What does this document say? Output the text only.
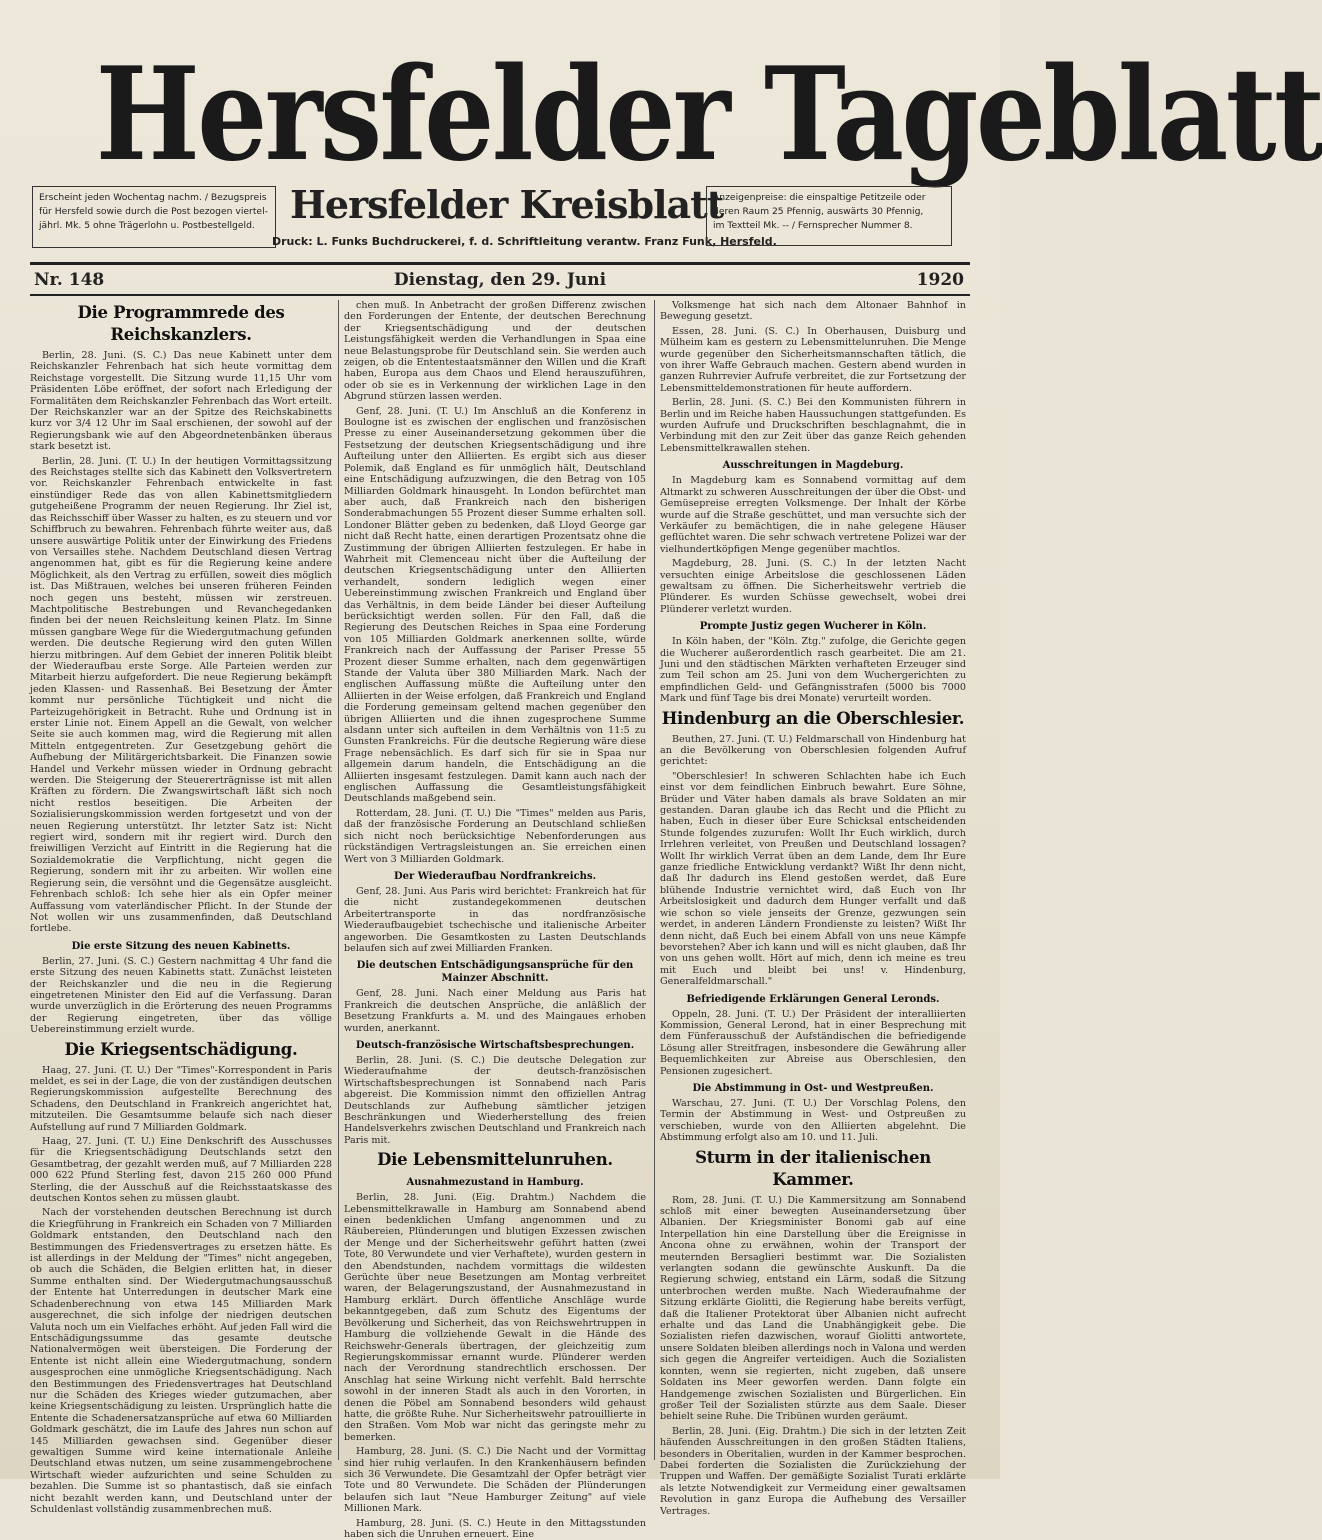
Hersfelder Tageblatt

Erscheint jeden Wochentag nachm. / Bezugspreis

für Hersfeld sowie durch die Post bezogen viertel-

jährl. Mk. 5 ohne Trägerlohn u. Postbestellgeld. Hersfelder Kreisblatt
Druck: L. Funks Buchdruckerei, f. d. Schriftleitung verantw. Franz Funk, Hersfeld.

Anzeigenpreise: die einspaltige Petitzeile oder

deren Raum 25 Pfennig, auswärts 30 Pfennig,

im Textteil Mk. -- / Fernsprecher Nummer 8.

Nr. 148	Dienstag, den 29. Juni	1920
Die Programmrede des Reichskanzlers.

Berlin, 28. Juni. (S. C.) Das neue Kabinett unter dem Reichskanzler Fehrenbach hat sich heute vormittag dem Reichstage vorgestellt. Die Sitzung wurde 11,15 Uhr vom Präsidenten Löbe eröffnet, der sofort nach Erledigung der Formalitäten dem Reichskanzler Fehrenbach das Wort erteilt. Der Reichskanzler war an der Spitze des Reichskabinetts kurz vor 3/4 12 Uhr im Saal erschienen, der sowohl auf der Regierungsbank wie auf den Abgeordnetenbänken überaus stark besetzt ist.

Berlin, 28. Juni. (T. U.) In der heutigen Vormittagssitzung des Reichstages stellte sich das Kabinett den Volksvertretern vor. Reichskanzler Fehrenbach entwickelte in fast einstündiger Rede das von allen Kabinettsmitgliedern gutgeheißene Programm der neuen Regierung. Ihr Ziel ist, das Reichsschiff über Wasser zu halten, es zu steuern und vor Schiffbruch zu bewahren. Fehrenbach führte weiter aus, daß unsere auswärtige Politik unter der Einwirkung des Friedens von Versailles stehe. Nachdem Deutschland diesen Vertrag angenommen hat, gibt es für die Regierung keine andere Möglichkeit, als den Vertrag zu erfüllen, soweit dies möglich ist. Das Mißtrauen, welches bei unseren früheren Feinden noch gegen uns besteht, müssen wir zerstreuen. Machtpolitische Bestrebungen und Revanchegedanken finden bei der neuen Reichsleitung keinen Platz. Im Sinne müssen gangbare Wege für die Wiedergutmachung gefunden werden. Die deutsche Regierung wird den guten Willen hierzu mitbringen. Auf dem Gebiet der inneren Politik bleibt der Wiederaufbau erste Sorge. Alle Parteien werden zur Mitarbeit hierzu aufgefordert. Die neue Regierung bekämpft jeden Klassen- und Rassenhaß. Bei Besetzung der Ämter kommt nur persönliche Tüchtigkeit und nicht die Parteizugehörigkeit in Betracht. Ruhe und Ordnung ist in erster Linie not. Einem Appell an die Gewalt, von welcher Seite sie auch kommen mag, wird die Regierung mit allen Mitteln entgegentreten. Zur Gesetzgebung gehört die Aufhebung der Militärgerichtsbarkeit. Die Finanzen sowie Handel und Verkehr müssen wieder in Ordnung gebracht werden. Die Steigerung der Steuererträgnisse ist mit allen Kräften zu fördern. Die Zwangswirtschaft läßt sich noch nicht restlos beseitigen. Die Arbeiten der Sozialisierungskommission werden fortgesetzt und von der neuen Regierung unterstützt. Ihr letzter Satz ist: Nicht regiert wird, sondern mit ihr regiert wird. Durch den freiwilligen Verzicht auf Eintritt in die Regierung hat die Sozialdemokratie die Verpflichtung, nicht gegen die Regierung, sondern mit ihr zu arbeiten. Wir wollen eine Regierung sein, die versöhnt und die Gegensätze ausgleicht. Fehrenbach schloß: Ich sehe hier als ein Opfer meiner Auffassung vom vaterländischer Pflicht. In der Stunde der Not wollen wir uns zusammenfinden, daß Deutschland fortlebe.

Die erste Sitzung des neuen Kabinetts.

Berlin, 27. Juni. (S. C.) Gestern nachmittag 4 Uhr fand die erste Sitzung des neuen Kabinetts statt. Zunächst leisteten der Reichskanzler und die neu in die Regierung eingetretenen Minister den Eid auf die Verfassung. Daran wurde unverzüglich in die Erörterung des neuen Programms der Regierung eingetreten, über das völlige Uebereinstimmung erzielt wurde.

Die Kriegsentschädigung.

Haag, 27. Juni. (T. U.) Der "Times"-Korrespondent in Paris meldet, es sei in der Lage, die von der zuständigen deutschen Regierungskommission aufgestellte Berechnung des Schadens, den Deutschland in Frankreich angerichtet hat, mitzuteilen. Die Gesamtsumme belaufe sich nach dieser Aufstellung auf rund 7 Milliarden Goldmark.

Haag, 27. Juni. (T. U.) Eine Denkschrift des Ausschusses für die Kriegsentschädigung Deutschlands setzt den Gesamtbetrag, der gezahlt werden muß, auf 7 Milliarden 228 000 622 Pfund Sterling fest, davon 215 260 000 Pfund Sterling, die der Ausschuß auf die Reichsstaatskasse des deutschen Kontos sehen zu müssen glaubt.

Nach der vorstehenden deutschen Berechnung ist durch die Kriegführung in Frankreich ein Schaden von 7 Milliarden Goldmark entstanden, den Deutschland nach den Bestimmungen des Friedensvertrages zu ersetzen hätte. Es ist allerdings in der Meldung der "Times" nicht angegeben, ob auch die Schäden, die Belgien erlitten hat, in dieser Summe enthalten sind. Der Wiedergutmachungsausschuß der Entente hat Unterredungen in deutscher Mark eine Schadenberechnung von etwa 145 Milliarden Mark ausgerechnet, die sich infolge der niedrigen deutschen Valuta noch um ein Vielfaches erhöht. Auf jeden Fall wird die Entschädigungssumme das gesamte deutsche Nationalvermögen weit übersteigen. Die Forderung der Entente ist nicht allein eine Wiedergutmachung, sondern ausgesprochen eine unmögliche Kriegsentschädigung. Nach den Bestimmungen des Friedensvertrages hat Deutschland nur die Schäden des Krieges wieder gutzumachen, aber keine Kriegsentschädigung zu leisten. Ursprünglich hatte die Entente die Schadenersatzansprüche auf etwa 60 Milliarden Goldmark geschätzt, die im Laufe des Jahres nun schon auf 145 Milliarden gewachsen sind. Gegenüber dieser gewaltigen Summe wird keine internationale Anleihe Deutschland etwas nutzen, um seine zusammengebrochene Wirtschaft wieder aufzurichten und seine Schulden zu bezahlen. Die Summe ist so phantastisch, daß sie einfach nicht bezahlt werden kann, und Deutschland unter der Schuldenlast vollständig zusammenbrechen muß.

chen muß. In Anbetracht der großen Differenz zwischen den Forderungen der Entente, der deutschen Berechnung der Kriegsentschädigung und der deutschen Leistungsfähigkeit werden die Verhandlungen in Spaa eine neue Belastungsprobe für Deutschland sein. Sie werden auch zeigen, ob die Ententestaatsmänner den Willen und die Kraft haben, Europa aus dem Chaos und Elend herauszuführen, oder ob sie es in Verkennung der wirklichen Lage in den Abgrund stürzen lassen werden.

Genf, 28. Juni. (T. U.) Im Anschluß an die Konferenz in Boulogne ist es zwischen der englischen und französischen Presse zu einer Auseinandersetzung gekommen über die Festsetzung der deutschen Kriegsentschädigung und ihre Aufteilung unter den Alliierten. Es ergibt sich aus dieser Polemik, daß England es für unmöglich hält, Deutschland eine Entschädigung aufzuzwingen, die den Betrag von 105 Milliarden Goldmark hinausgeht. In London befürchtet man aber auch, daß Frankreich nach den bisherigen Sonderabmachungen 55 Prozent dieser Summe erhalten soll. Londoner Blätter geben zu bedenken, daß Lloyd George gar nicht daß Recht hatte, einen derartigen Prozentsatz ohne die Zustimmung der übrigen Alliierten festzulegen. Er habe in Wahrheit mit Clemenceau nicht über die Aufteilung der deutschen Kriegsentschädigung unter den Alliierten verhandelt, sondern lediglich wegen einer Uebereinstimmung zwischen Frankreich und England über das Verhältnis, in dem beide Länder bei dieser Aufteilung berücksichtigt werden sollen. Für den Fall, daß die Regierung des Deutschen Reiches in Spaa eine Forderung von 105 Milliarden Goldmark anerkennen sollte, würde Frankreich nach der Auffassung der Pariser Presse 55 Prozent dieser Summe erhalten, nach dem gegenwärtigen Stande der Valuta über 380 Milliarden Mark. Nach der englischen Auffassung müßte die Aufteilung unter den Alliierten in der Weise erfolgen, daß Frankreich und England die Forderung gemeinsam geltend machen gegenüber den übrigen Alliierten und die ihnen zugesprochene Summe alsdann unter sich aufteilen in dem Verhältnis von 11:5 zu Gunsten Frankreichs. Für die deutsche Regierung wäre diese Frage nebensächlich. Es darf sich für sie in Spaa nur allgemein darum handeln, die Entschädigung an die Alliierten insgesamt festzulegen. Damit kann auch nach der englischen Auffassung die Gesamtleistungsfähigkeit Deutschlands maßgebend sein.

Rotterdam, 28. Juni. (T. U.) Die "Times" melden aus Paris, daß der französische Forderung an Deutschland schließen sich nicht noch berücksichtige Nebenforderungen aus rückständigen Vertragsleistungen an. Sie erreichen einen Wert von 3 Milliarden Goldmark.

Der Wiederaufbau Nordfrankreichs.

Genf, 28. Juni. Aus Paris wird berichtet: Frankreich hat für die nicht zustandegekommenen deutschen Arbeitertransporte in das nordfranzösische Wiederaufbaugebiet tschechische und italienische Arbeiter angeworben. Die Gesamtkosten zu Lasten Deutschlands belaufen sich auf zwei Milliarden Franken.

Die deutschen Entschädigungsansprüche für den Mainzer Abschnitt.

Genf, 28. Juni. Nach einer Meldung aus Paris hat Frankreich die deutschen Ansprüche, die anläßlich der Besetzung Frankfurts a. M. und des Maingaues erhoben wurden, anerkannt.

Deutsch-französische Wirtschaftsbesprechungen.

Berlin, 28. Juni. (S. C.) Die deutsche Delegation zur Wiederaufnahme der deutsch-französischen Wirtschaftsbesprechungen ist Sonnabend nach Paris abgereist. Die Kommission nimmt den offiziellen Antrag Deutschlands zur Aufhebung sämtlicher jetzigen Beschränkungen und Wiederherstellung des freien Handelsverkehrs zwischen Deutschland und Frankreich nach Paris mit.

Die Lebensmittelunruhen.
Ausnahmezustand in Hamburg.

Berlin, 28. Juni. (Eig. Drahtm.) Nachdem die Lebensmittelkrawalle in Hamburg am Sonnabend abend einen bedenklichen Umfang angenommen und zu Räubereien, Plünderungen und blutigen Exzessen zwischen der Menge und der Sicherheitswehr geführt hatten (zwei Tote, 80 Verwundete und vier Verhaftete), wurden gestern in den Abendstunden, nachdem vormittags die wildesten Gerüchte über neue Besetzungen am Montag verbreitet waren, der Belagerungszustand, der Ausnahmezustand in Hamburg erklärt. Durch öffentliche Anschläge wurde bekanntgegeben, daß zum Schutz des Eigentums der Bevölkerung und Sicherheit, das von Reichswehrtruppen in Hamburg die vollziehende Gewalt in die Hände des Reichswehr-Generals übertragen, der gleichzeitig zum Regierungskommissar ernannt wurde. Plünderer werden nach der Verordnung standrechtlich erschossen. Der Anschlag hat seine Wirkung nicht verfehlt. Bald herrschte sowohl in der inneren Stadt als auch in den Vororten, in denen die Pöbel am Sonnabend besonders wild gehaust hatte, die größte Ruhe. Nur Sicherheitswehr patrouillierte in den Straßen. Vom Mob war nicht das geringste mehr zu bemerken.

Hamburg, 28. Juni. (S. C.) Die Nacht und der Vormittag sind hier ruhig verlaufen. In den Krankenhäusern befinden sich 36 Verwundete. Die Gesamtzahl der Opfer beträgt vier Tote und 80 Verwundete. Die Schäden der Plünderungen belaufen sich laut "Neue Hamburger Zeitung" auf viele Millionen Mark.

Hamburg, 28. Juni. (S. C.) Heute in den Mittagsstunden haben sich die Unruhen erneuert. Eine

Volksmenge hat sich nach dem Altonaer Bahnhof in Bewegung gesetzt.

Essen, 28. Juni. (S. C.) In Oberhausen, Duisburg und Mülheim kam es gestern zu Lebensmittelunruhen. Die Menge wurde gegenüber den Sicherheitsmannschaften tätlich, die von ihrer Waffe Gebrauch machen. Gestern abend wurden in ganzen Ruhrrevier Aufrufe verbreitet, die zur Fortsetzung der Lebensmitteldemonstrationen für heute auffordern.

Berlin, 28. Juni. (S. C.) Bei den Kommunisten führern in Berlin und im Reiche haben Haussuchungen stattgefunden. Es wurden Aufrufe und Druckschriften beschlagnahmt, die in Verbindung mit den zur Zeit über das ganze Reich gehenden Lebensmittelkrawallen stehen.

Ausschreitungen in Magdeburg.

In Magdeburg kam es Sonnabend vormittag auf dem Altmarkt zu schweren Ausschreitungen der über die Obst- und Gemüsepreise erregten Volksmenge. Der Inhalt der Körbe wurde auf die Straße geschüttet, und man versuchte sich der Verkäufer zu bemächtigen, die in nahe gelegene Häuser geflüchtet waren. Die sehr schwach vertretene Polizei war der vielhundertköpfigen Menge gegenüber machtlos.

Magdeburg, 28. Juni. (S. C.) In der letzten Nacht versuchten einige Arbeitslose die geschlossenen Läden gewaltsam zu öffnen. Die Sicherheitswehr vertrieb die Plünderer. Es wurden Schüsse gewechselt, wobei drei Plünderer verletzt wurden.

Prompte Justiz gegen Wucherer in Köln.

In Köln haben, der "Köln. Ztg." zufolge, die Gerichte gegen die Wucherer außerordentlich rasch gearbeitet. Die am 21. Juni und den städtischen Märkten verhafteten Erzeuger sind zum Teil schon am 25. Juni von dem Wuchergerichten zu empfindlichen Geld- und Gefängnisstrafen (5000 bis 7000 Mark und fünf Tage bis drei Monate) verurteilt worden.

Hindenburg an die Oberschlesier.

Beuthen, 27. Juni. (T. U.) Feldmarschall von Hindenburg hat an die Bevölkerung von Oberschlesien folgenden Aufruf gerichtet:

"Oberschlesier! In schweren Schlachten habe ich Euch einst vor dem feindlichen Einbruch bewahrt. Eure Söhne, Brüder und Väter haben damals als brave Soldaten an mir gestanden. Daran glaube ich das Recht und die Pflicht zu haben, Euch in dieser über Eure Schicksal entscheidenden Stunde folgendes zuzurufen: Wollt Ihr Euch wirklich, durch Irrlehren verleitet, von Preußen und Deutschland lossagen? Wollt Ihr wirklich Verrat üben an dem Lande, dem Ihr Eure ganze friedliche Entwicklung verdankt? Wißt Ihr denn nicht, daß Ihr dadurch ins Elend gestoßen werdet, daß Eure blühende Industrie vernichtet wird, daß Euch von Ihr Arbeitslosigkeit und dadurch dem Hunger verfallt und daß wie schon so viele jenseits der Grenze, gezwungen sein werdet, in anderen Ländern Frondienste zu leisten? Wißt Ihr denn nicht, daß Euch bei einem Abfall von uns neue Kämpfe bevorstehen? Aber ich kann und will es nicht glauben, daß Ihr von uns gehen wollt. Hört auf mich, denn ich meine es treu mit Euch und bleibt bei uns! v. Hindenburg, Generalfeldmarschall."

Befriedigende Erklärungen General Leronds.

Oppeln, 28. Juni. (T. U.) Der Präsident der interalliierten Kommission, General Lerond, hat in einer Besprechung mit dem Fünferausschuß der Aufständischen die befriedigende Lösung aller Streitfragen, insbesondere die Gewährung aller Bequemlichkeiten zur Abreise aus Oberschlesien, den Pensionen zugesichert.

Die Abstimmung in Ost- und Westpreußen.

Warschau, 27. Juni. (T. U.) Der Vorschlag Polens, den Termin der Abstimmung in West- und Ostpreußen zu verschieben, wurde von den Alliierten abgelehnt. Die Abstimmung erfolgt also am 10. und 11. Juli.

Sturm in der italienischen Kammer.

Rom, 28. Juni. (T. U.) Die Kammersitzung am Sonnabend schloß mit einer bewegten Auseinandersetzung über Albanien. Der Kriegsminister Bonomi gab auf eine Interpellation hin eine Darstellung über die Ereignisse in Ancona ohne zu erwähnen, wohin der Transport der meuternden Bersaglieri bestimmt war. Die Sozialisten verlangten sodann die gewünschte Auskunft. Da die Regierung schwieg, entstand ein Lärm, sodaß die Sitzung unterbrochen werden mußte. Nach Wiederaufnahme der Sitzung erklärte Giolitti, die Regierung habe bereits verfügt, daß die Italiener Protektorat über Albanien nicht aufrecht erhalte und das Land die Unabhängigkeit gebe. Die Sozialisten riefen dazwischen, worauf Giolitti antwortete, unsere Soldaten bleiben allerdings noch in Valona und werden sich gegen die Angreifer verteidigen. Auch die Sozialisten konnten, wenn sie regierten, nicht zugeben, daß unsere Soldaten ins Meer geworfen werden. Dann folgte ein Handgemenge zwischen Sozialisten und Bürgerlichen. Ein großer Teil der Sozialisten stürzte aus dem Saale. Dieser behielt seine Ruhe. Die Tribünen wurden geräumt.

Berlin, 28. Juni. (Eig. Drahtm.) Die sich in der letzten Zeit häufenden Ausschreitungen in den großen Städten Italiens, besonders in Oberitalien, wurden in der Kammer besprochen. Dabei forderten die Sozialisten die Zurückziehung der Truppen und Waffen. Der gemäßigte Sozialist Turati erklärte als letzte Notwendigkeit zur Vermeidung einer gewaltsamen Revolution in ganz Europa die Aufhebung des Versailler Vertrages.
